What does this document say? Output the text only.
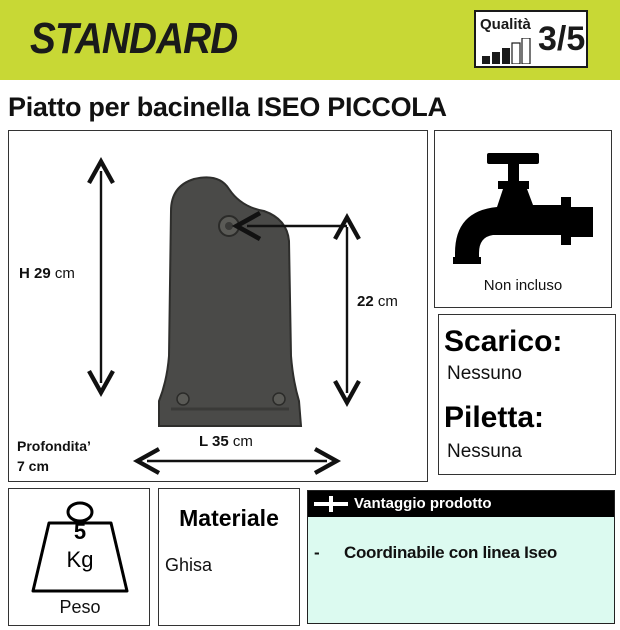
STANDARD	Qualità 3/5
Piatto per bacinella ISEO PICCOLA
H 29 cm
22 cm
L 35 cm
Profondita’
7 cm
Non incluso
Scarico:
Nessuno
Piletta:
Nessuna
5
Kg
Peso
Materiale
Ghisa
Vantaggio prodotto
- Coordinabile con linea Iseo
